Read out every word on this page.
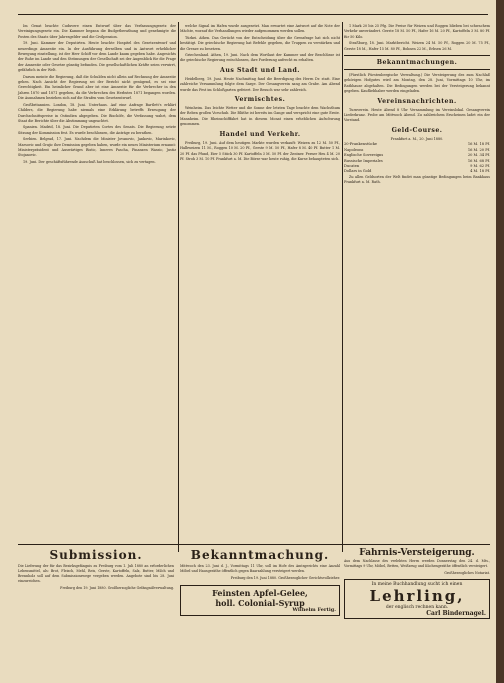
Im Genat brachte Cuduvere einen Entwurf über das Verfassungsgesetz der Vereinigungsgesetz ein. Die Kammer begann die Budgetberathung und genehmigte die Posten des Staats über Jahresgelder und die Civilpension.

19. Juni. Kammer der Deputirten. Heute brachte Hospitel des Gesetzentwurf und neuerdings Amnestie ein. In der Ausführung derselben und in Antwort erheblicher Bewegung einstellung, ist der Herr Schiff vor dem Lande kaum gegeben habe. Angesichts der Ruhe im Lande und den Strömungen der Gesellschaft sei der Augenblick für die Frage der Amnestie oder Gesetze günstig befunden. Die gesellschaftlichen Kräfte seien verwirrt, gefährlich in der Welt.

Darum meinte die Regierung, daß die Schulden nicht allein auf Rechnung der Amnestie gehen. Nach Ansicht der Regierung sei der Bericht nicht genügend, es sei eine Gerechtigkeit. Ein heimlicher Grund aber ist eine Amnestie für die Verbrecher in den Jahren 1870 und 1871 gegeben, da die Verbrechen des Herbstes 1871 begangen worden. Die Ausnahmen beziehen sich auf die Strafen vom Gesetzentwurf.

Großbritannien. London, 18. Juni. Unterhaus. Auf eine Anfrage Bartlett's erklärt Childers, die Regierung habe niemals eine Erklärung betreffs Erzeugung der Durchschnittspreise in Ostindien abgegeben. Die Bischöfe, die Verfassung wahrt, dem Staat die Berichte über die Abstimmung ungeachtet.

Spanien. Madrid, 18. Juni. Die Deputirten Cortes des Senats. Die Regierung setzte Sitzung der Kommission fest. Es wurde beschlossen, die Anträge zu berathen.

Serbien. Belgrad, 17. Juni. Nachdem die Minister Jovanovic, Jankovic, Marinkovic, Marsovic und Grujic ihre Demission gegeben haben, wurde ein neues Ministerium ernannt: Ministerpräsident und Auswärtiges Ristic, Inneres Pascha, Finanzen Wassic, Justiz Stojanovic.

19. Juni. Der geschäftsführende Ausschuß hat beschlossen, sich zu vertagen.

welche Signal im Hafen wurde ausgesetzt. Man erwartet eine Antwort auf die Note der Mächte, worauf die Verhandlungen wieder aufgenommen werden sollen.

Türkei. Athen. Das Gerücht von der Entscheidung über die Grenzfrage hat sich nicht bestätigt. Die griechische Regierung hat Befehle gegeben, die Truppen zu verstärken und die Grenze zu besetzen.

Griechenland. Athen, 19. Juni. Nach dem Wortlaut der Kammer und der Beschlüsse ist die griechische Regierung entschlossen, ihre Forderung aufrecht zu erhalten.

Aus Stadt und Land.

Heidelberg, 19. Juni. Heute Nachmittag fand die Beerdigung des Herrn Dr. statt. Eine zahlreiche Versammlung folgte dem Sarge. Der Gesangverein sang am Grabe. Am Abend wurde das Fest im Schloßgarten gefeiert. Der Besuch war sehr zahlreich.

Vermischtes.

Weinheim. Das leichte Wetter und die Sonne der letzten Tage brachte dem Wachsthum der Reben großen Vorschub. Die Blüthe ist bereits im Gange und verspricht eine gute Ernte. Mannheim. Die Rheinschifffahrt hat in diesem Monat einen erheblichen Aufschwung genommen.

Handel und Verkehr.

Freiburg, 19. Juni. Auf dem heutigen Markte wurden verkauft: Weizen zu 12 M. 50 Pf., Halbweizen 11 M., Roggen 10 M. 20 Pf., Gerste 9 M. 50 Pf., Hafer 8 M. 40 Pf. Butter 1 M. 20 Pf. das Pfund, Eier 5 Stück 30 Pf. Kartoffeln 3 M. 50 Pf. der Zentner. Ferner Heu 4 M. 20 Pf. Stroh 3 M. 10 Pf. Frankfurt a. M. Die Börse war heute ruhig, die Kurse behaupteten sich.

1 Mark 20 bis 25 Pfg. Die Preise für Weizen und Roggen blieben bei schwachem Verkehr unverändert. Gerste 18 M. 50 Pf., Hafer 16 M. 20 Pf., Kartoffeln 3 M. 80 Pf. für 50 Kilo.

Straßburg, 18. Juni. Marktbericht. Weizen 24 M. 50 Pf., Roggen 20 M. 75 Pf., Gerste 18 M., Hafer 15 M. 80 Pf., Bohnen 22 M., Erbsen 26 M.

Bekanntmachungen.

(Fürstlich Fürstenbergische Verwaltung.) Die Versteigerung des zum Nachlaß gehörigen Hofgutes wird am Montag, den 28. Juni, Vormittags 10 Uhr, im Rathhause abgehalten. Die Bedingungen werden bei der Versteigerung bekannt gegeben. Kaufliebhaber werden eingeladen.

Vereinsnachrichten.

Turnverein. Heute Abend 8 Uhr Versammlung im Vereinslokal. Gesangverein Liederkranz. Probe am Mittwoch Abend. Zu zahlreichem Erscheinen ladet ein der Vorstand.

Geld-Course.
Frankfurt a. M., 20. Juni 1880.
20-Frankenstücke	16 M. 18 Pf.
Napoleons	16 M. 20 Pf.
Englische Sovereigns	20 M. 34 Pf.
Russische Imperiales	16 M. 68 Pf.
Ducaten	9 M. 62 Pf.
Dollars in Gold	4 M. 18 Pf.

Zu allen Geldsorten der Welt findet man günstige Bedingungen beim Bankhaus Frankfurt a. M. Rath.

Submission.
Die Lieferung der für das Bezirksgefängnis zu Freiburg vom 1. Juli 1880 an erforderlichen Lebensmittel, als: Brot, Fleisch, Mehl, Reis, Gerste, Kartoffeln, Salz, Butter, Milch und Brennholz soll auf dem Submissionswege vergeben werden. Angebote sind bis 28. Juni einzureichen.
Freiburg den 19. Juni 1880. Großherzogliche Gefängnißverwaltung.
Bekanntmachung.
Mittwoch den 23. Juni d. J., Vormittags 11 Uhr, soll im Hofe des Amtsgerichts eine Anzahl Möbel und Hausgeräthe öffentlich gegen Baarzahlung versteigert werden.
Freiburg den 19. Juni 1880. Großherzoglicher Gerichtsvollzieher.
Feinsten Apfel-Gelee,
holl. Colonial-Syrup
Wilhelm Fertig.
Fahrnis-Versteigerung.
Aus dem Nachlasse des verlebten Herrn werden Donnerstag den 24. d. Mts., Vormittags 9 Uhr, Möbel, Betten, Weißzeug und Küchengeräthe öffentlich versteigert.
Großherzogliches Notariat.
In meine Buchhandlung sucht ich einen
Lehrling,
der englisch rechnen kann.
Carl Bindernagel.
